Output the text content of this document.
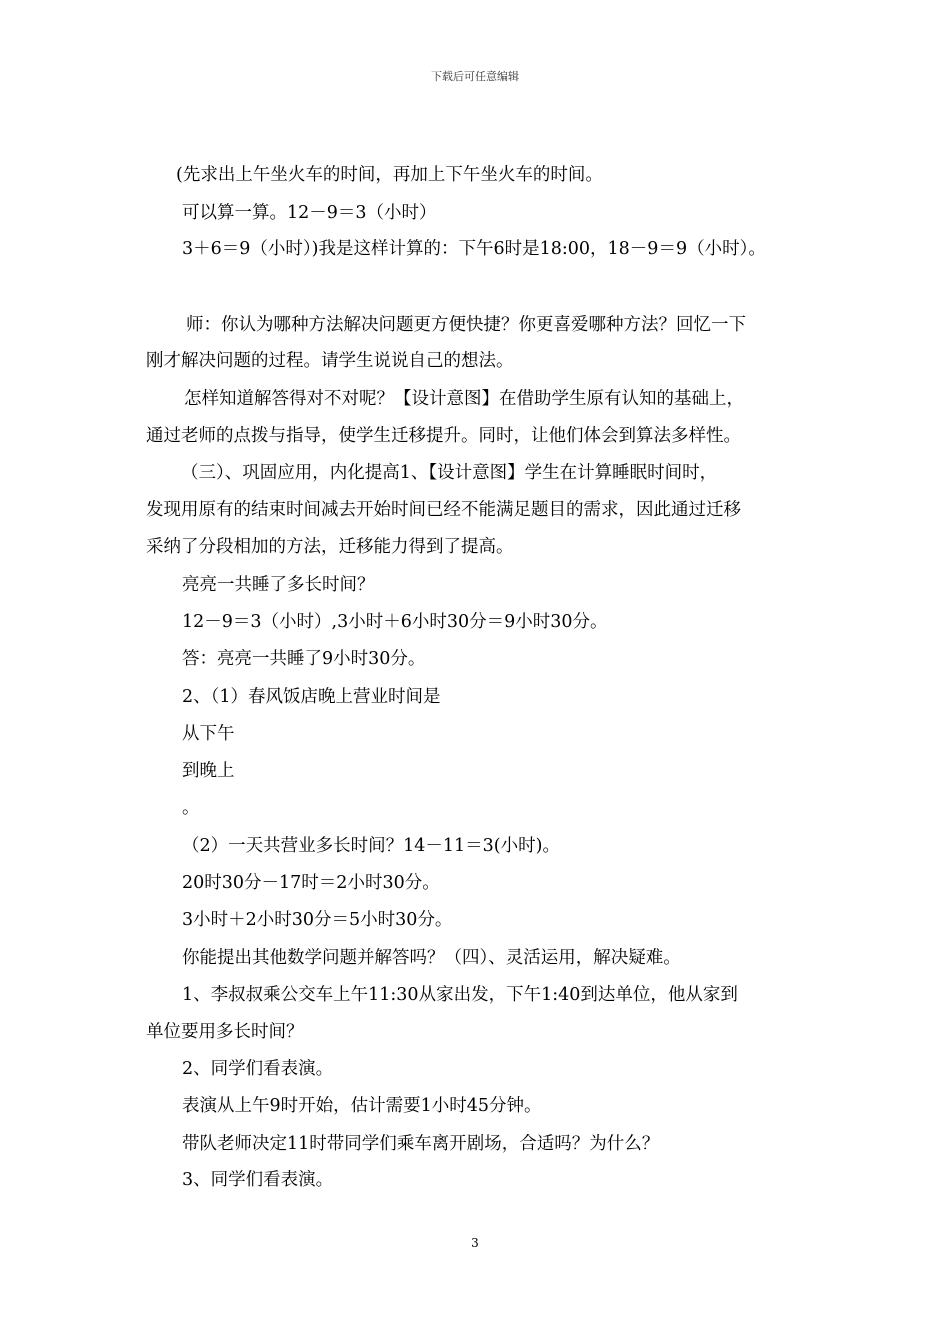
下载后可任意编辑
(先求出上午坐火车的时间，再加上下午坐火车的时间。
可以算一算。12－9＝3（小时）
3＋6＝9（小时）)我是这样计算的：下午6时是18:00，18－9＝9（小时）。
师：你认为哪种方法解决问题更方便快捷？你更喜爱哪种方法？回忆一下
刚才解决问题的过程。请学生说说自己的想法。
怎样知道解答得对不对呢？【设计意图】在借助学生原有认知的基础上，
通过老师的点拨与指导，使学生迁移提升。同时，让他们体会到算法多样性。
（三）、巩固应用，内化提高1、【设计意图】学生在计算睡眠时间时，
发现用原有的结束时间减去开始时间已经不能满足题目的需求，因此通过迁移
采纳了分段相加的方法，迁移能力得到了提高。
亮亮一共睡了多长时间？
12－9＝3（小时）,3小时＋6小时30分＝9小时30分。
答：亮亮一共睡了9小时30分。
2、（1）春风饭店晚上营业时间是
从下午
到晚上
。
（2）一天共营业多长时间？14－11＝3(小时)。
20时30分－17时＝2小时30分。
3小时＋2小时30分＝5小时30分。
你能提出其他数学问题并解答吗？（四）、灵活运用，解决疑难。
1、李叔叔乘公交车上午11:30从家出发，下午1:40到达单位，他从家到
单位要用多长时间？
2、同学们看表演。
表演从上午9时开始，估计需要1小时45分钟。
带队老师决定11时带同学们乘车离开剧场，合适吗？为什么？
3、同学们看表演。
3
